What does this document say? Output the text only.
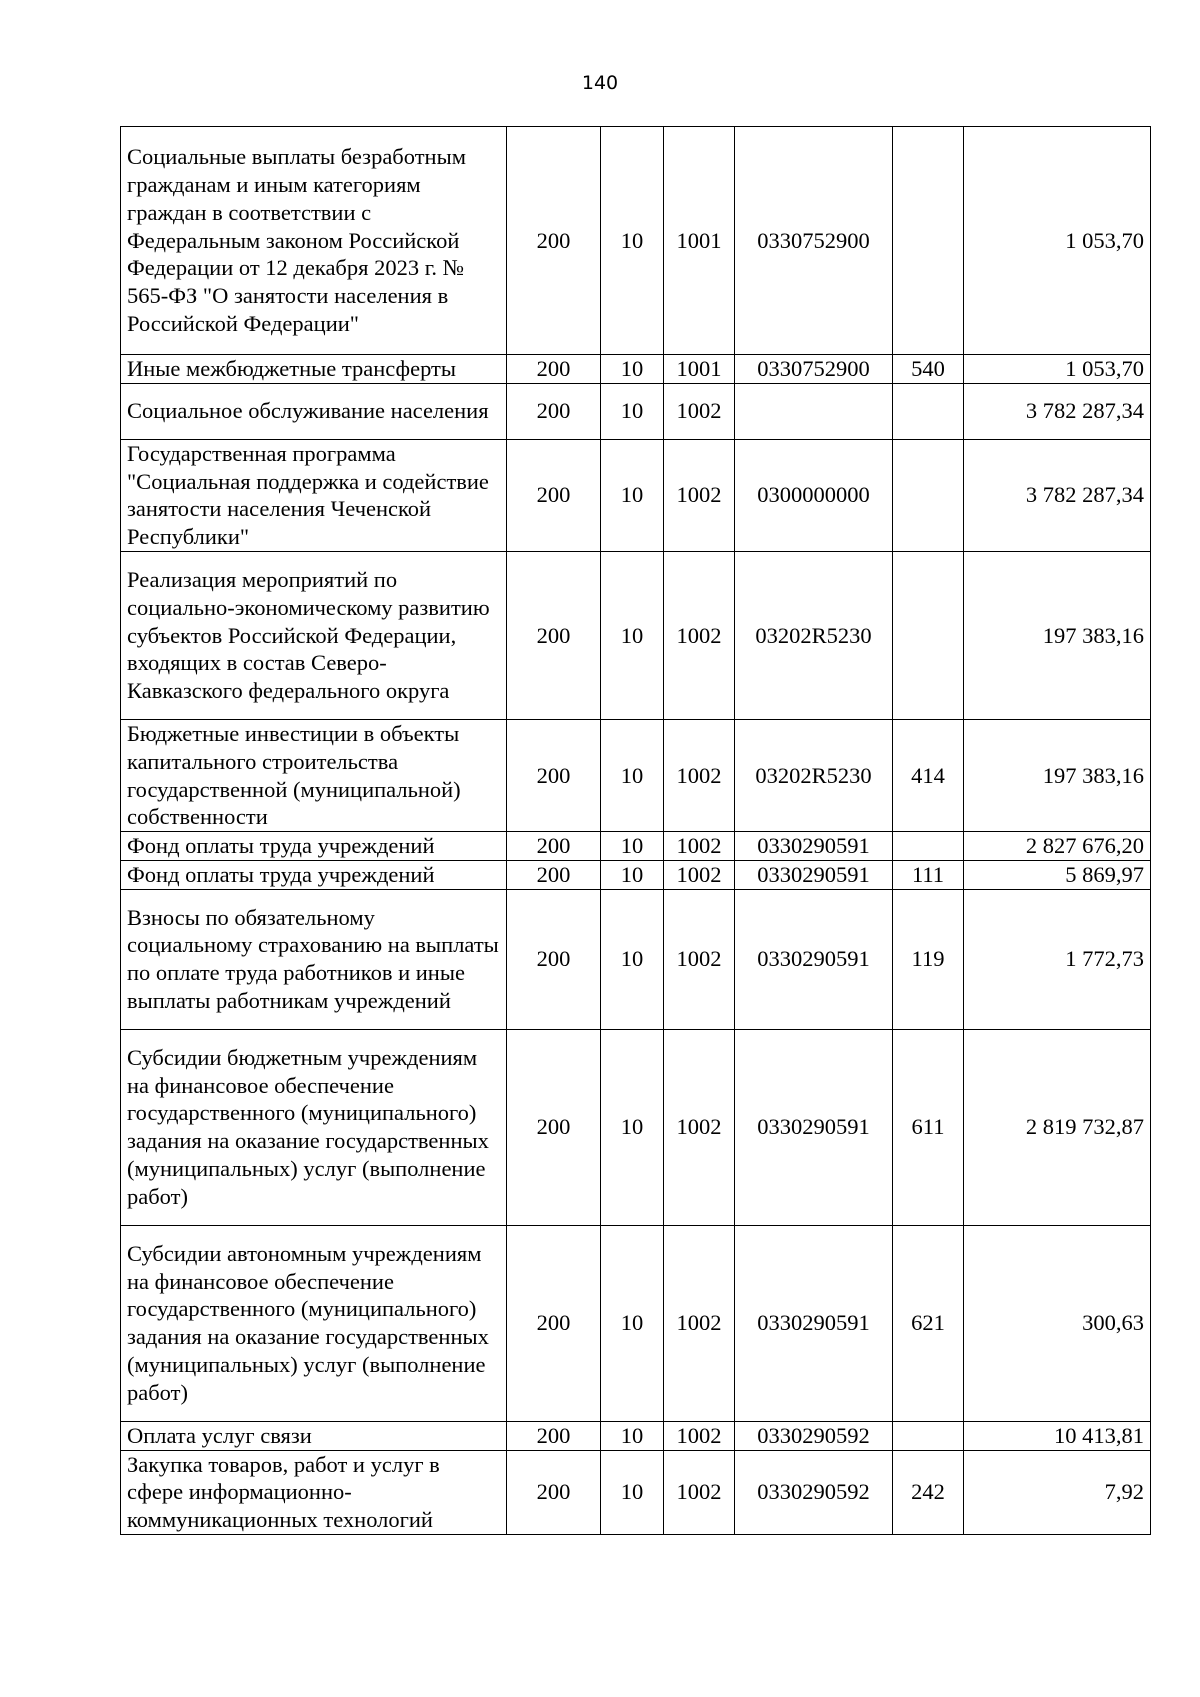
140
Социальные выплаты безработным гражданам и иным категориям граждан в соответствии с Федеральным законом Российской Федерации от 12 декабря 2023 г. № 565-ФЗ "О занятости населения в Российской Федерации"	200	10	1001	0330752900		1 053,70
Иные межбюджетные трансферты	200	10	1001	0330752900	540	1 053,70
Социальное обслуживание населения	200	10	1002			3 782 287,34
Государственная программа "Социальная поддержка и содействие занятости населения Чеченской Республики"	200	10	1002	0300000000		3 782 287,34
Реализация мероприятий по социально-экономическому развитию субъектов Российской Федерации, входящих в состав Северо-Кавказского федерального округа	200	10	1002	03202R5230		197 383,16
Бюджетные инвестиции в объекты капитального строительства государственной (муниципальной) собственности	200	10	1002	03202R5230	414	197 383,16
Фонд оплаты труда учреждений	200	10	1002	0330290591		2 827 676,20
Фонд оплаты труда учреждений	200	10	1002	0330290591	111	5 869,97
Взносы по обязательному социальному страхованию на выплаты по оплате труда работников и иные выплаты работникам учреждений	200	10	1002	0330290591	119	1 772,73
Субсидии бюджетным учреждениям на финансовое обеспечение государственного (муниципального) задания на оказание государственных (муниципальных) услуг (выполнение работ)	200	10	1002	0330290591	611	2 819 732,87
Субсидии автономным учреждениям на финансовое обеспечение государственного (муниципального) задания на оказание государственных (муниципальных) услуг (выполнение работ)	200	10	1002	0330290591	621	300,63
Оплата услуг связи	200	10	1002	0330290592		10 413,81
Закупка товаров, работ и услуг в сфере информационно-коммуникационных технологий	200	10	1002	0330290592	242	7,92
